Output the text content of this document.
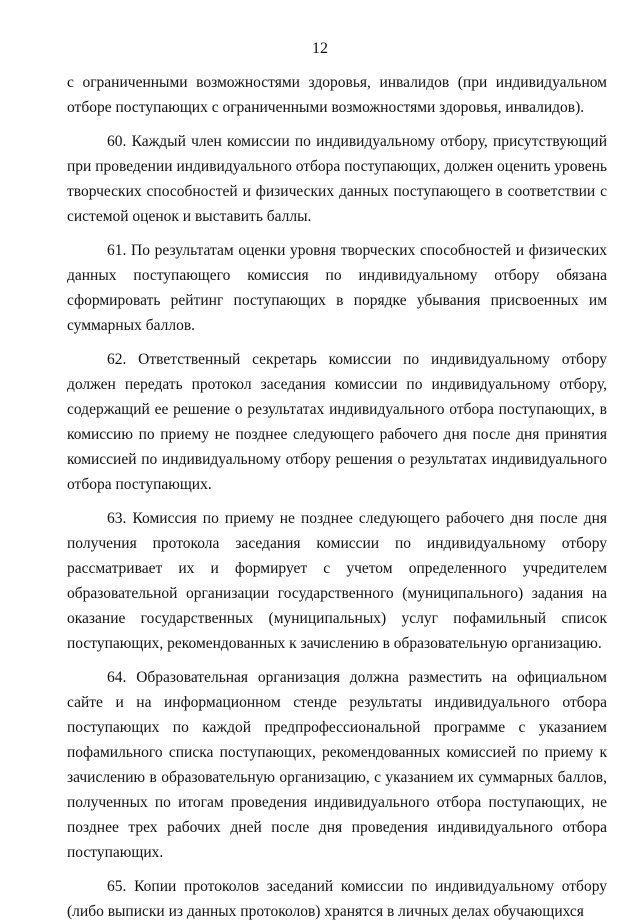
12

с ограниченными возможностями здоровья, инвалидов (при индивидуальном отборе поступающих с ограниченными возможностями здоровья, инвалидов).

60. Каждый член комиссии по индивидуальному отбору, присутствующий при проведении индивидуального отбора поступающих, должен оценить уровень творческих способностей и физических данных поступающего в соответствии с системой оценок и выставить баллы.

61. По результатам оценки уровня творческих способностей и физических данных поступающего комиссия по индивидуальному отбору обязана сформировать рейтинг поступающих в порядке убывания присвоенных им суммарных баллов.

62. Ответственный секретарь комиссии по индивидуальному отбору должен передать протокол заседания комиссии по индивидуальному отбору, содержащий ее решение о результатах индивидуального отбора поступающих, в комиссию по приему не позднее следующего рабочего дня после дня принятия комиссией по индивидуальному отбору решения о результатах индивидуального отбора поступающих.

63. Комиссия по приему не позднее следующего рабочего дня после дня получения протокола заседания комиссии по индивидуальному отбору рассматривает их и формирует с учетом определенного учредителем образовательной организации государственного (муниципального) задания на оказание государственных (муниципальных) услуг пофамильный список поступающих, рекомендованных к зачислению в образовательную организацию.

64. Образовательная организация должна разместить на официальном сайте и на информационном стенде результаты индивидуального отбора поступающих по каждой предпрофессиональной программе с указанием пофамильного списка поступающих, рекомендованных комиссией по приему к зачислению в образовательную организацию, с указанием их суммарных баллов, полученных по итогам проведения индивидуального отбора поступающих, не позднее трех рабочих дней после дня проведения индивидуального отбора поступающих.

65. Копии протоколов заседаний комиссии по индивидуальному отбору (либо выписки из данных протоколов) хранятся в личных делах обучающихся
